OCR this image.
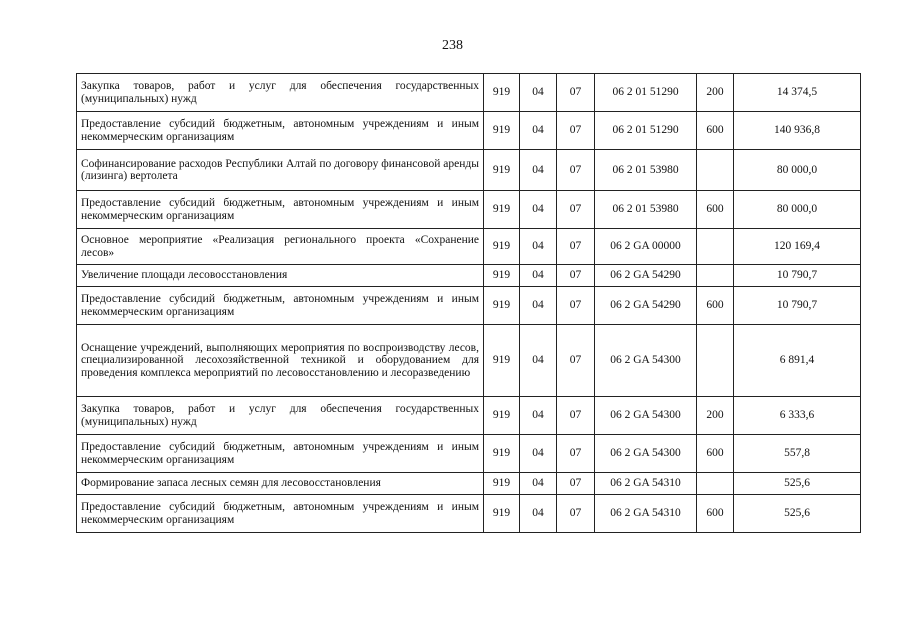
238
Закупка товаров, работ и услуг для обеспечения государственных (муниципальных) нужд	919	04	07	06 2 01 51290	200	14 374,5
Предоставление субсидий бюджетным, автономным учреждениям и иным некоммерческим организациям	919	04	07	06 2 01 51290	600	140 936,8
Софинансирование расходов Республики Алтай по договору финансовой аренды (лизинга) вертолета	919	04	07	06 2 01 53980		80 000,0
Предоставление субсидий бюджетным, автономным учреждениям и иным некоммерческим организациям	919	04	07	06 2 01 53980	600	80 000,0
Основное мероприятие «Реализация регионального проекта «Сохранение лесов»	919	04	07	06 2 GA 00000		120 169,4
Увеличение площади лесовосстановления	919	04	07	06 2 GA 54290		10 790,7
Предоставление субсидий бюджетным, автономным учреждениям и иным некоммерческим организациям	919	04	07	06 2 GA 54290	600	10 790,7
Оснащение учреждений, выполняющих мероприятия по воспроизводству лесов, специализированной лесохозяйственной техникой и оборудованием для проведения комплекса мероприятий по лесовосстановлению и лесоразведению	919	04	07	06 2 GA 54300		6 891,4
Закупка товаров, работ и услуг для обеспечения государственных (муниципальных) нужд	919	04	07	06 2 GA 54300	200	6 333,6
Предоставление субсидий бюджетным, автономным учреждениям и иным некоммерческим организациям	919	04	07	06 2 GA 54300	600	557,8
Формирование запаса лесных семян для лесовосстановления	919	04	07	06 2 GA 54310		525,6
Предоставление субсидий бюджетным, автономным учреждениям и иным некоммерческим организациям	919	04	07	06 2 GA 54310	600	525,6
